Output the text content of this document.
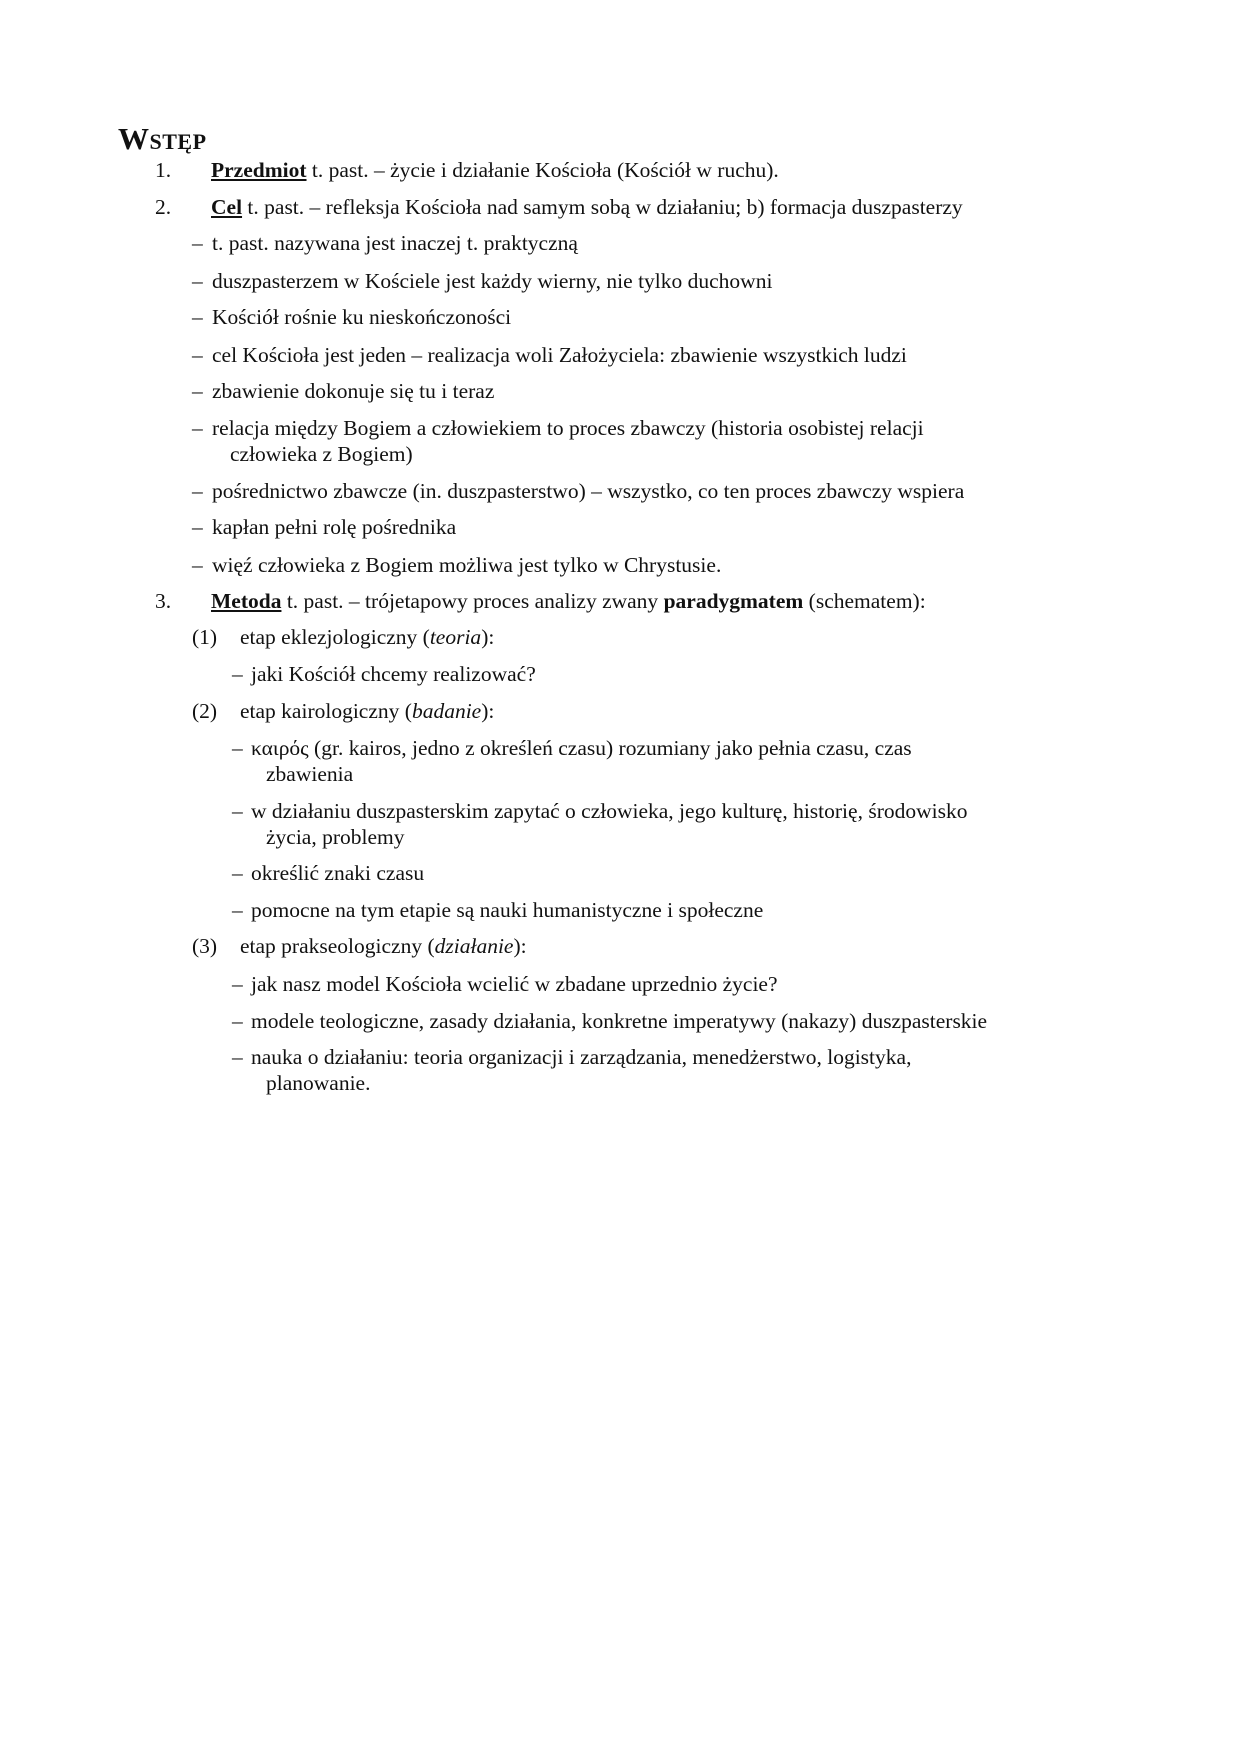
WSTĘP
1. Przedmiot t. past. – życie i działanie Kościoła (Kościół w ruchu).
2. Cel t. past. – refleksja Kościoła nad samym sobą w działaniu; b) formacja duszpasterzy
– t. past. nazywana jest inaczej t. praktyczną
– duszpasterzem w Kościele jest każdy wierny, nie tylko duchowni
– Kościół rośnie ku nieskończoności
– cel Kościoła jest jeden – realizacja woli Założyciela: zbawienie wszystkich ludzi
– zbawienie dokonuje się tu i teraz
– relacja między Bogiem a człowiekiem to proces zbawczy (historia osobistej relacji
człowieka z Bogiem)
– pośrednictwo zbawcze (in. duszpasterstwo) – wszystko, co ten proces zbawczy wspiera
– kapłan pełni rolę pośrednika
– więź człowieka z Bogiem możliwa jest tylko w Chrystusie.
3. Metoda t. past. – trójetapowy proces analizy zwany paradygmatem (schematem):
(1) etap eklezjologiczny (teoria):
– jaki Kościół chcemy realizować?
(2) etap kairologiczny (badanie):
– καιρός (gr. kairos, jedno z określeń czasu) rozumiany jako pełnia czasu, czas
zbawienia
– w działaniu duszpasterskim zapytać o człowieka, jego kulturę, historię, środowisko
życia, problemy
– określić znaki czasu
– pomocne na tym etapie są nauki humanistyczne i społeczne
(3) etap prakseologiczny (działanie):
– jak nasz model Kościoła wcielić w zbadane uprzednio życie?
– modele teologiczne, zasady działania, konkretne imperatywy (nakazy) duszpasterskie
– nauka o działaniu: teoria organizacji i zarządzania, menedżerstwo, logistyka,
planowanie.
